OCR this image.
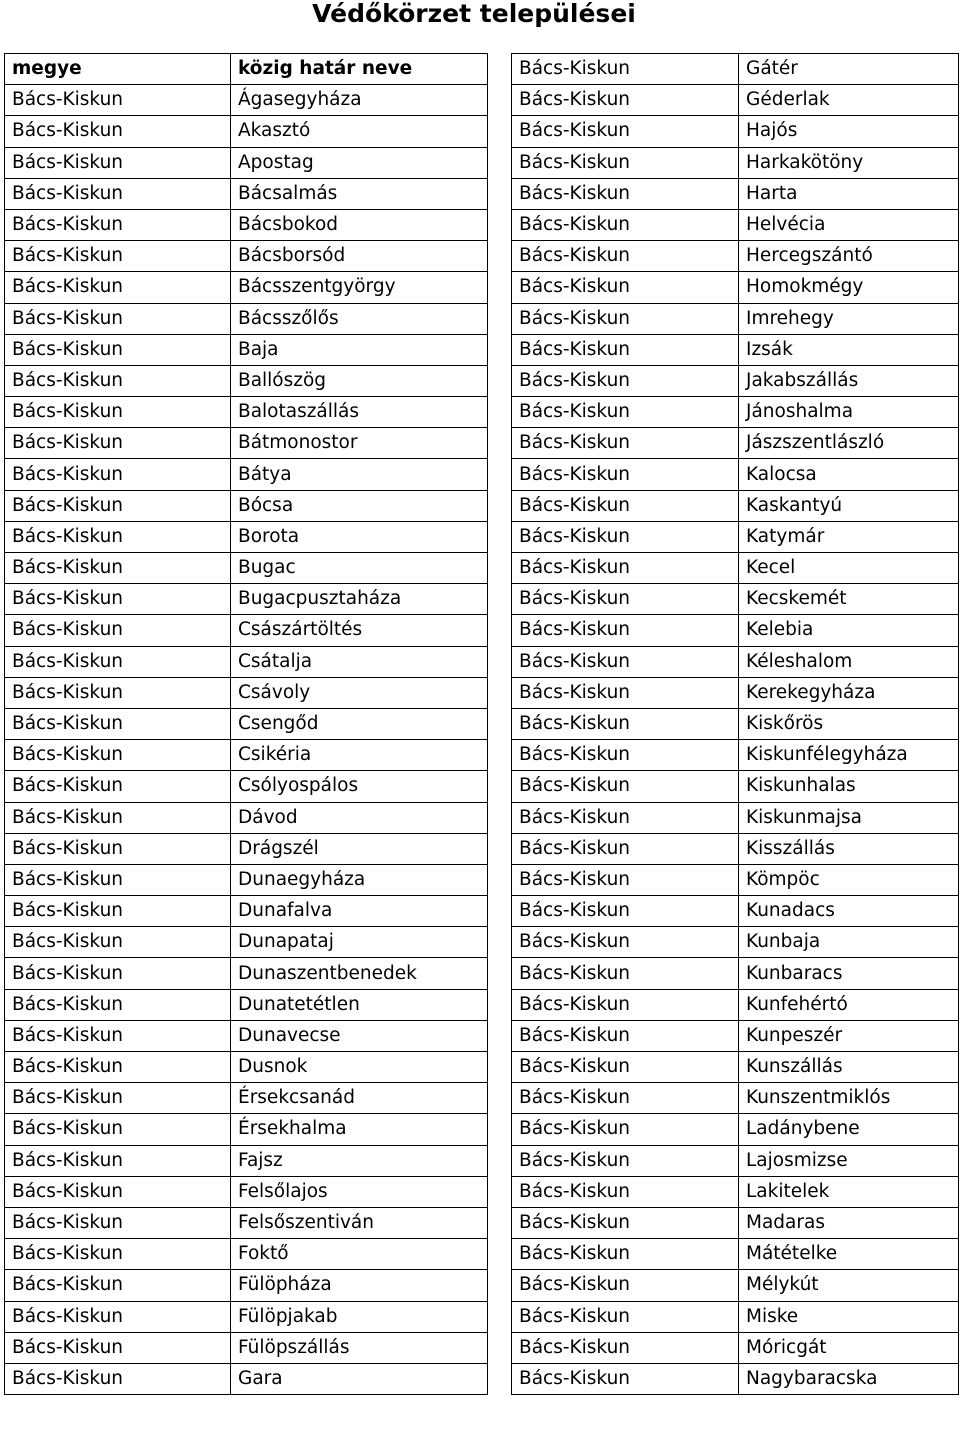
Védőkörzet települései
megye	közig határ neve
Bács-Kiskun	Ágasegyháza
Bács-Kiskun	Akasztó
Bács-Kiskun	Apostag
Bács-Kiskun	Bácsalmás
Bács-Kiskun	Bácsbokod
Bács-Kiskun	Bácsborsód
Bács-Kiskun	Bácsszentgyörgy
Bács-Kiskun	Bácsszőlős
Bács-Kiskun	Baja
Bács-Kiskun	Ballószög
Bács-Kiskun	Balotaszállás
Bács-Kiskun	Bátmonostor
Bács-Kiskun	Bátya
Bács-Kiskun	Bócsa
Bács-Kiskun	Borota
Bács-Kiskun	Bugac
Bács-Kiskun	Bugacpusztaháza
Bács-Kiskun	Császártöltés
Bács-Kiskun	Csátalja
Bács-Kiskun	Csávoly
Bács-Kiskun	Csengőd
Bács-Kiskun	Csikéria
Bács-Kiskun	Csólyospálos
Bács-Kiskun	Dávod
Bács-Kiskun	Drágszél
Bács-Kiskun	Dunaegyháza
Bács-Kiskun	Dunafalva
Bács-Kiskun	Dunapataj
Bács-Kiskun	Dunaszentbenedek
Bács-Kiskun	Dunatetétlen
Bács-Kiskun	Dunavecse
Bács-Kiskun	Dusnok
Bács-Kiskun	Érsekcsanád
Bács-Kiskun	Érsekhalma
Bács-Kiskun	Fajsz
Bács-Kiskun	Felsőlajos
Bács-Kiskun	Felsőszentiván
Bács-Kiskun	Foktő
Bács-Kiskun	Fülöpháza
Bács-Kiskun	Fülöpjakab
Bács-Kiskun	Fülöpszállás
Bács-Kiskun	Gara
Bács-Kiskun	Gátér
Bács-Kiskun	Géderlak
Bács-Kiskun	Hajós
Bács-Kiskun	Harkakötöny
Bács-Kiskun	Harta
Bács-Kiskun	Helvécia
Bács-Kiskun	Hercegszántó
Bács-Kiskun	Homokmégy
Bács-Kiskun	Imrehegy
Bács-Kiskun	Izsák
Bács-Kiskun	Jakabszállás
Bács-Kiskun	Jánoshalma
Bács-Kiskun	Jászszentlászló
Bács-Kiskun	Kalocsa
Bács-Kiskun	Kaskantyú
Bács-Kiskun	Katymár
Bács-Kiskun	Kecel
Bács-Kiskun	Kecskemét
Bács-Kiskun	Kelebia
Bács-Kiskun	Kéleshalom
Bács-Kiskun	Kerekegyháza
Bács-Kiskun	Kiskőrös
Bács-Kiskun	Kiskunfélegyháza
Bács-Kiskun	Kiskunhalas
Bács-Kiskun	Kiskunmajsa
Bács-Kiskun	Kisszállás
Bács-Kiskun	Kömpöc
Bács-Kiskun	Kunadacs
Bács-Kiskun	Kunbaja
Bács-Kiskun	Kunbaracs
Bács-Kiskun	Kunfehértó
Bács-Kiskun	Kunpeszér
Bács-Kiskun	Kunszállás
Bács-Kiskun	Kunszentmiklós
Bács-Kiskun	Ladánybene
Bács-Kiskun	Lajosmizse
Bács-Kiskun	Lakitelek
Bács-Kiskun	Madaras
Bács-Kiskun	Mátételke
Bács-Kiskun	Mélykút
Bács-Kiskun	Miske
Bács-Kiskun	Móricgát
Bács-Kiskun	Nagybaracska
